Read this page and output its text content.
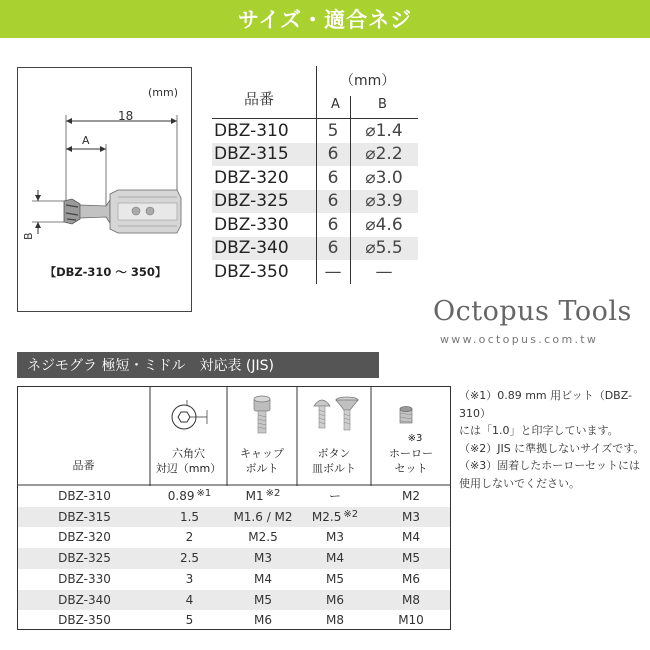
サイズ・適合ネジ
(mm)
18
A
B
【DBZ-310 ～ 350】
品番
（mm）
A	B
DBZ-310	5	⌀1.4
DBZ-315	6	⌀2.2
DBZ-320	6	⌀3.0
DBZ-325	6	⌀3.9
DBZ-330	6	⌀4.6
DBZ-340	6	⌀5.5
DBZ-350	—	—
Octopus Tools
www.octopus.com.tw
ネジモグラ 極短・ミドル　対応表 (JIS)
品番
六角穴
対辺（mm）
キャップ
ボルト
ボタン
皿ボルト
※3
ホーロー
セット
DBZ-310	0.89 $^{※1}$	M1 $^{※2}$	ー	M2
DBZ-315	1.5	M1.6 / M2	M2.5 $^{※2}$	M3
DBZ-320	2	M2.5	M3	M4
DBZ-325	2.5	M3	M4	M5
DBZ-330	3	M4	M5	M6
DBZ-340	4	M5	M6	M8
DBZ-350	5	M6	M8	M10
（※1）0.89 mm 用ビット（DBZ-310）
には「1.0」と印字しています。
（※2）JIS に準拠しないサイズです。
（※3）固着したホーローセットには
使用しないでください。
